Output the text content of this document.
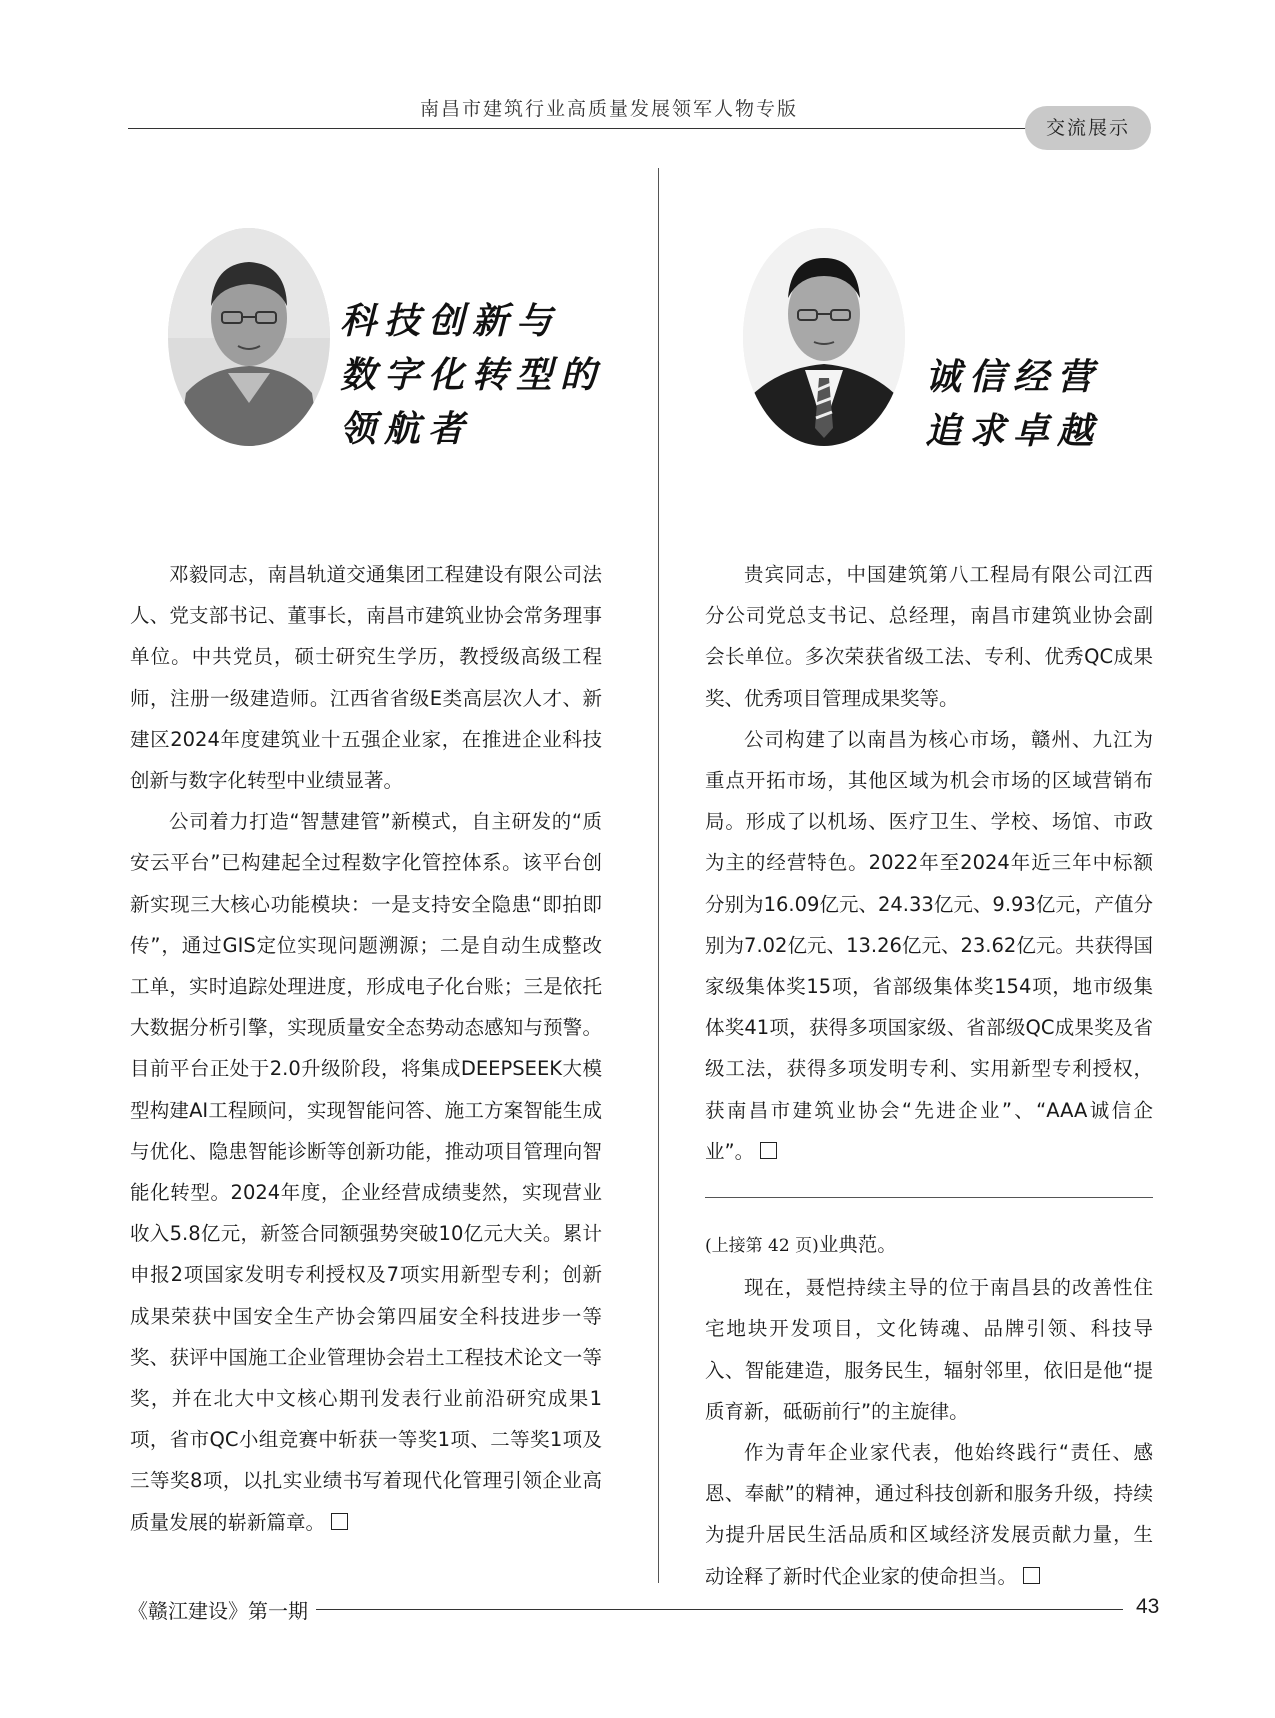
南昌市建筑行业高质量发展领军人物专版
交流展示
科技创新与
数字化转型的
领航者
诚信经营
追求卓越

邓毅同志，南昌轨道交通集团工程建设有限公司法人、党支部书记、董事长，南昌市建筑业协会常务理事单位。中共党员，硕士研究生学历，教授级高级工程师，注册一级建造师。江西省省级E类高层次人才、新建区2024年度建筑业十五强企业家，在推进企业科技创新与数字化转型中业绩显著。

公司着力打造“智慧建管”新模式，自主研发的“质安云平台”已构建起全过程数字化管控体系。该平台创新实现三大核心功能模块：一是支持安全隐患“即拍即传”，通过GIS定位实现问题溯源；二是自动生成整改工单，实时追踪处理进度，形成电子化台账；三是依托大数据分析引擎，实现质量安全态势动态感知与预警。目前平台正处于2.0升级阶段，将集成DEEPSEEK大模型构建AI工程顾问，实现智能问答、施工方案智能生成与优化、隐患智能诊断等创新功能，推动项目管理向智能化转型。2024年度，企业经营成绩斐然，实现营业收入5.8亿元，新签合同额强势突破10亿元大关。累计申报2项国家发明专利授权及7项实用新型专利；创新成果荣获中国安全生产协会第四届安全科技进步一等奖、获评中国施工企业管理协会岩土工程技术论文一等奖，并在北大中文核心期刊发表行业前沿研究成果1项，省市QC小组竞赛中斩获一等奖1项、二等奖1项及三等奖8项，以扎实业绩书写着现代化管理引领企业高质量发展的崭新篇章。

贵宾同志，中国建筑第八工程局有限公司江西分公司党总支书记、总经理，南昌市建筑业协会副会长单位。多次荣获省级工法、专利、优秀QC成果奖、优秀项目管理成果奖等。

公司构建了以南昌为核心市场，赣州、九江为重点开拓市场，其他区域为机会市场的区域营销布局。形成了以机场、医疗卫生、学校、场馆、市政为主的经营特色。2022年至2024年近三年中标额分别为16.09亿元、24.33亿元、9.93亿元，产值分别为7.02亿元、13.26亿元、23.62亿元。共获得国家级集体奖15项，省部级集体奖154项，地市级集体奖41项，获得多项国家级、省部级QC成果奖及省级工法，获得多项发明专利、实用新型专利授权，获南昌市建筑业协会“先进企业”、“AAA诚信企业”。

(上接第 42 页)业典范。

现在，聂恺持续主导的位于南昌县的改善性住宅地块开发项目，文化铸魂、品牌引领、科技导入、智能建造，服务民生，辐射邻里，依旧是他“提质育新，砥砺前行”的主旋律。

作为青年企业家代表，他始终践行“责任、感恩、奉献”的精神，通过科技创新和服务升级，持续为提升居民生活品质和区域经济发展贡献力量，生动诠释了新时代企业家的使命担当。

《赣江建设》第一期	43
